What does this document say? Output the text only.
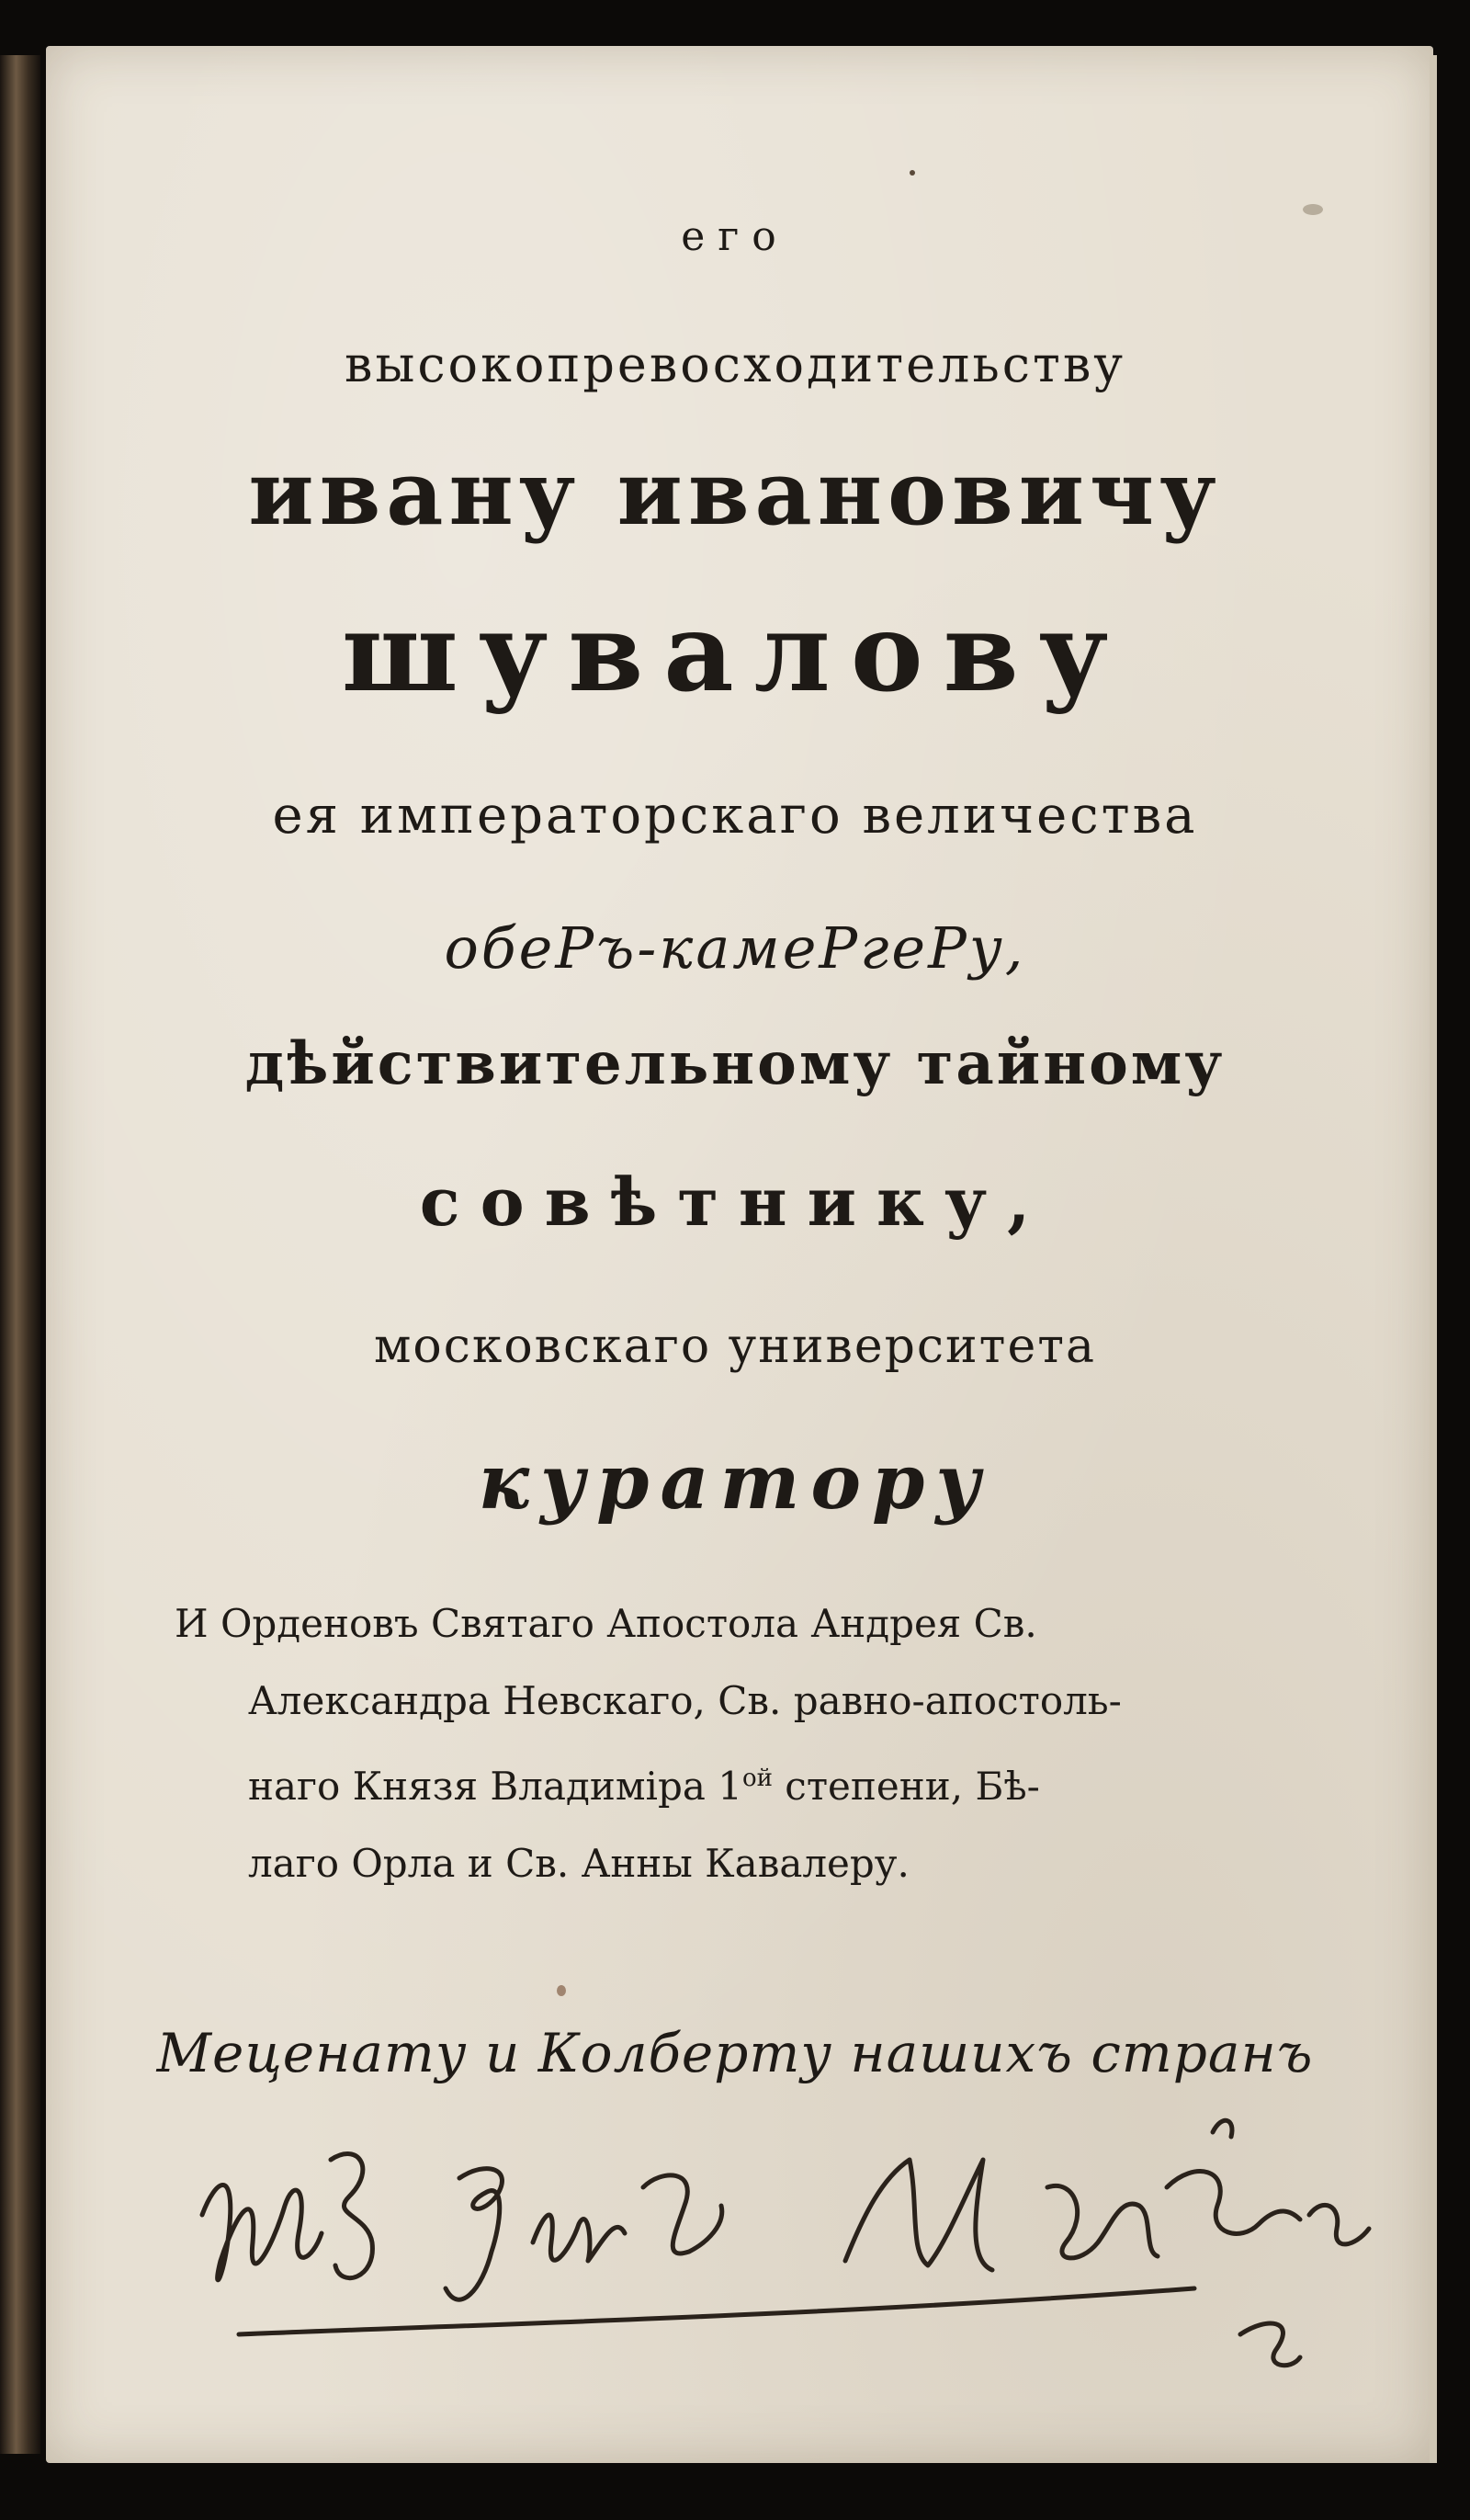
его
высокопревосходительству
ивану ивановичу
шувалову
ея императорскаго величества
обеРъ-камеРгеРу,
дѣйствительному тайному
совѣтнику,
московскаго университета
куратору
И Орденовъ Святаго Апостола Андрея Св.
Александра Невскаго, Св. равно-апостоль-
наго Князя Владимiра $1^{ой}$ степени, Бѣ-
лаго Орла и Св. Анны Кавалеру.
Меценату и Колберту нашихъ странъ
